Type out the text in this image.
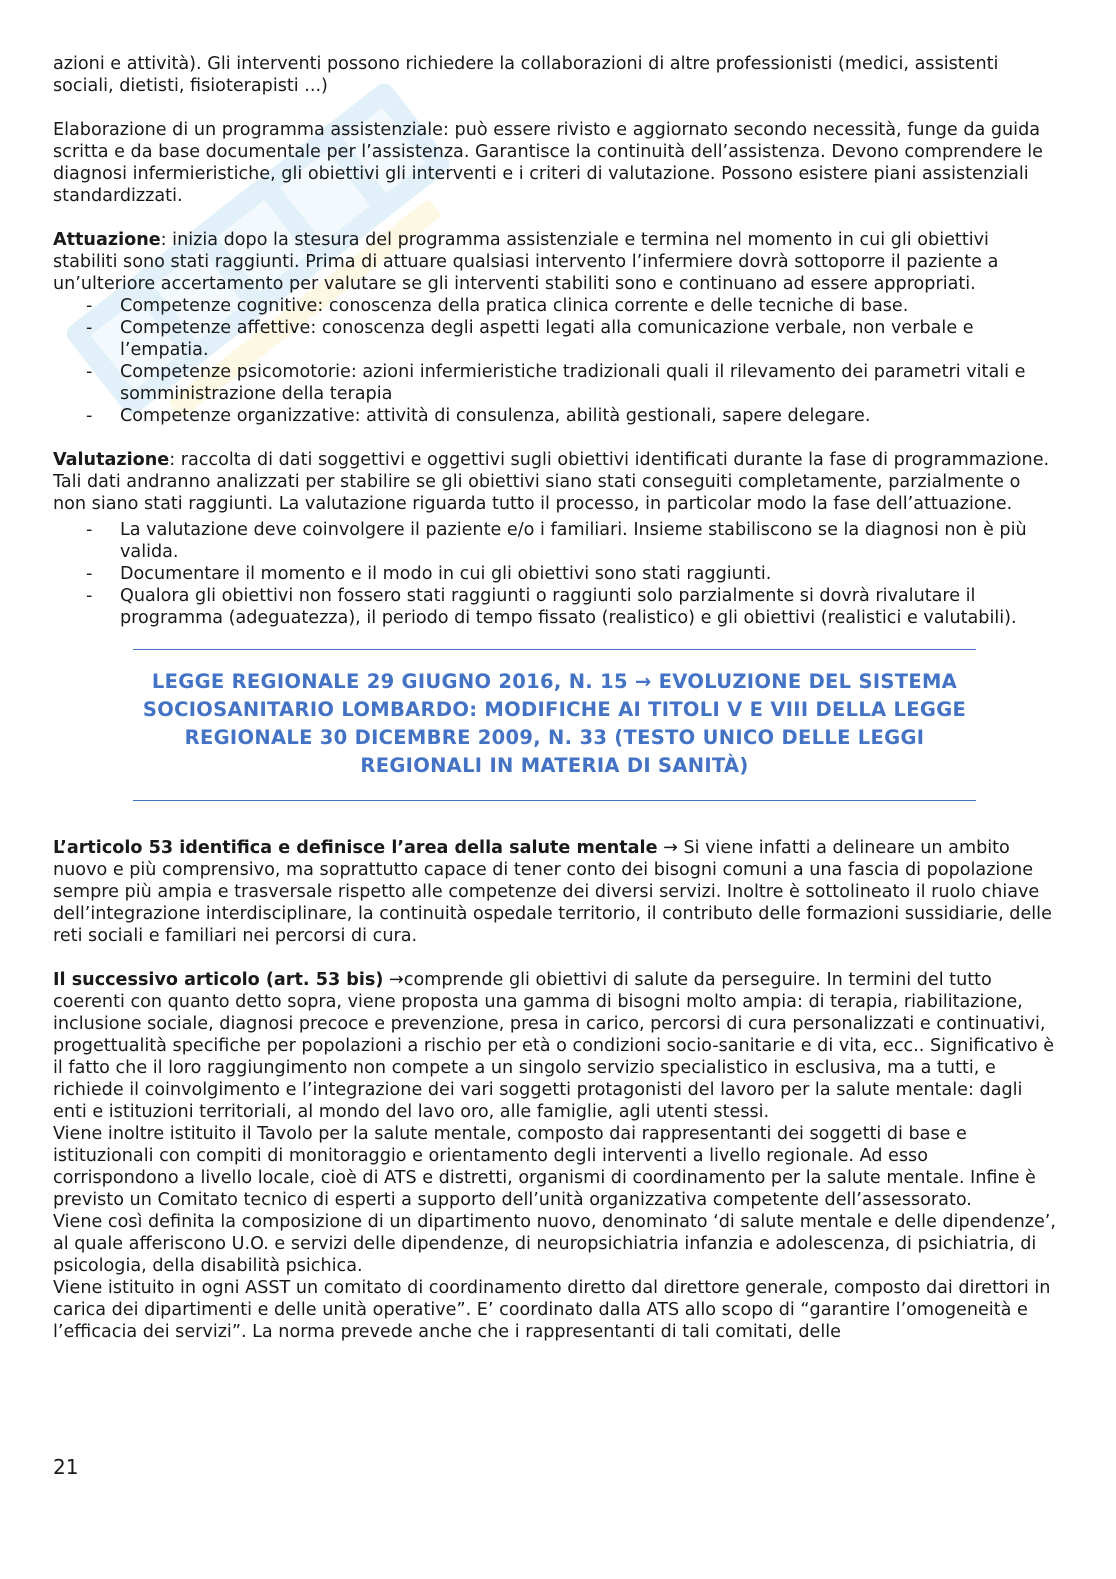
azioni e attività). Gli interventi possono richiedere la collaborazioni di altre professionisti (medici, assistenti sociali, dietisti, fisioterapisti ...)

Elaborazione di un programma assistenziale: può essere rivisto e aggiornato secondo necessità, funge da guida scritta e da base documentale per l’assistenza. Garantisce la continuità dell’assistenza. Devono comprendere le diagnosi infermieristiche, gli obiettivi gli interventi e i criteri di valutazione. Possono esistere piani assistenziali standardizzati.

Attuazione: inizia dopo la stesura del programma assistenziale e termina nel momento in cui gli obiettivi stabiliti sono stati raggiunti. Prima di attuare qualsiasi intervento l’infermiere dovrà sottoporre il paziente a un’ulteriore accertamento per valutare se gli interventi stabiliti sono e continuano ad essere appropriati.

- Competenze cognitive: conoscenza della pratica clinica corrente e delle tecniche di base.
- Competenze affettive: conoscenza degli aspetti legati alla comunicazione verbale, non verbale e l’empatia.
- Competenze psicomotorie: azioni infermieristiche tradizionali quali il rilevamento dei parametri vitali e somministrazione della terapia
- Competenze organizzative: attività di consulenza, abilità gestionali, sapere delegare.

Valutazione: raccolta di dati soggettivi e oggettivi sugli obiettivi identificati durante la fase di programmazione. Tali dati andranno analizzati per stabilire se gli obiettivi siano stati conseguiti completamente, parzialmente o non siano stati raggiunti. La valutazione riguarda tutto il processo, in particolar modo la fase dell’attuazione.

- La valutazione deve coinvolgere il paziente e/o i familiari. Insieme stabiliscono se la diagnosi non è più valida.
- Documentare il momento e il modo in cui gli obiettivi sono stati raggiunti.
- Qualora gli obiettivi non fossero stati raggiunti o raggiunti solo parzialmente si dovrà rivalutare il programma (adeguatezza), il periodo di tempo fissato (realistico) e gli obiettivi (realistici e valutabili).
LEGGE REGIONALE 29 GIUGNO 2016, N. 15 → EVOLUZIONE DEL SISTEMA SOCIOSANITARIO LOMBARDO: MODIFICHE AI TITOLI V E VIII DELLA LEGGE REGIONALE 30 DICEMBRE 2009, N. 33 (TESTO UNICO DELLE LEGGI REGIONALI IN MATERIA DI SANITÀ)

L’articolo 53 identifica e definisce l’area della salute mentale → Si viene infatti a delineare un ambito nuovo e più comprensivo, ma soprattutto capace di tener conto dei bisogni comuni a una fascia di popolazione sempre più ampia e trasversale rispetto alle competenze dei diversi servizi. Inoltre è sottolineato il ruolo chiave dell’integrazione interdisciplinare, la continuità ospedale territorio, il contributo delle formazioni sussidiarie, delle reti sociali e familiari nei percorsi di cura.

Il successivo articolo (art. 53 bis) →comprende gli obiettivi di salute da perseguire. In termini del tutto coerenti con quanto detto sopra, viene proposta una gamma di bisogni molto ampia: di terapia, riabilitazione, inclusione sociale, diagnosi precoce e prevenzione, presa in carico, percorsi di cura personalizzati e continuativi, progettualità specifiche per popolazioni a rischio per età o condizioni socio-sanitarie e di vita, ecc.. Significativo è il fatto che il loro raggiungimento non compete a un singolo servizio specialistico in esclusiva, ma a tutti, e richiede il coinvolgimento e l’integrazione dei vari soggetti protagonisti del lavoro per la salute mentale: dagli enti e istituzioni territoriali, al mondo del lavo oro, alle famiglie, agli utenti stessi.

Viene inoltre istituito il Tavolo per la salute mentale, composto dai rappresentanti dei soggetti di base e istituzionali con compiti di monitoraggio e orientamento degli interventi a livello regionale. Ad esso corrispondono a livello locale, cioè di ATS e distretti, organismi di coordinamento per la salute mentale. Infine è previsto un Comitato tecnico di esperti a supporto dell’unità organizzativa competente dell’assessorato.

Viene così definita la composizione di un dipartimento nuovo, denominato ‘di salute mentale e delle dipendenze’, al quale afferiscono U.O. e servizi delle dipendenze, di neuropsichiatria infanzia e adolescenza, di psichiatria, di psicologia, della disabilità psichica.

Viene istituito in ogni ASST un comitato di coordinamento diretto dal direttore generale, composto dai direttori in carica dei dipartimenti e delle unità operative”. E’ coordinato dalla ATS allo scopo di “garantire l’omogeneità e l’efficacia dei servizi”. La norma prevede anche che i rappresentanti di tali comitati, delle

21
